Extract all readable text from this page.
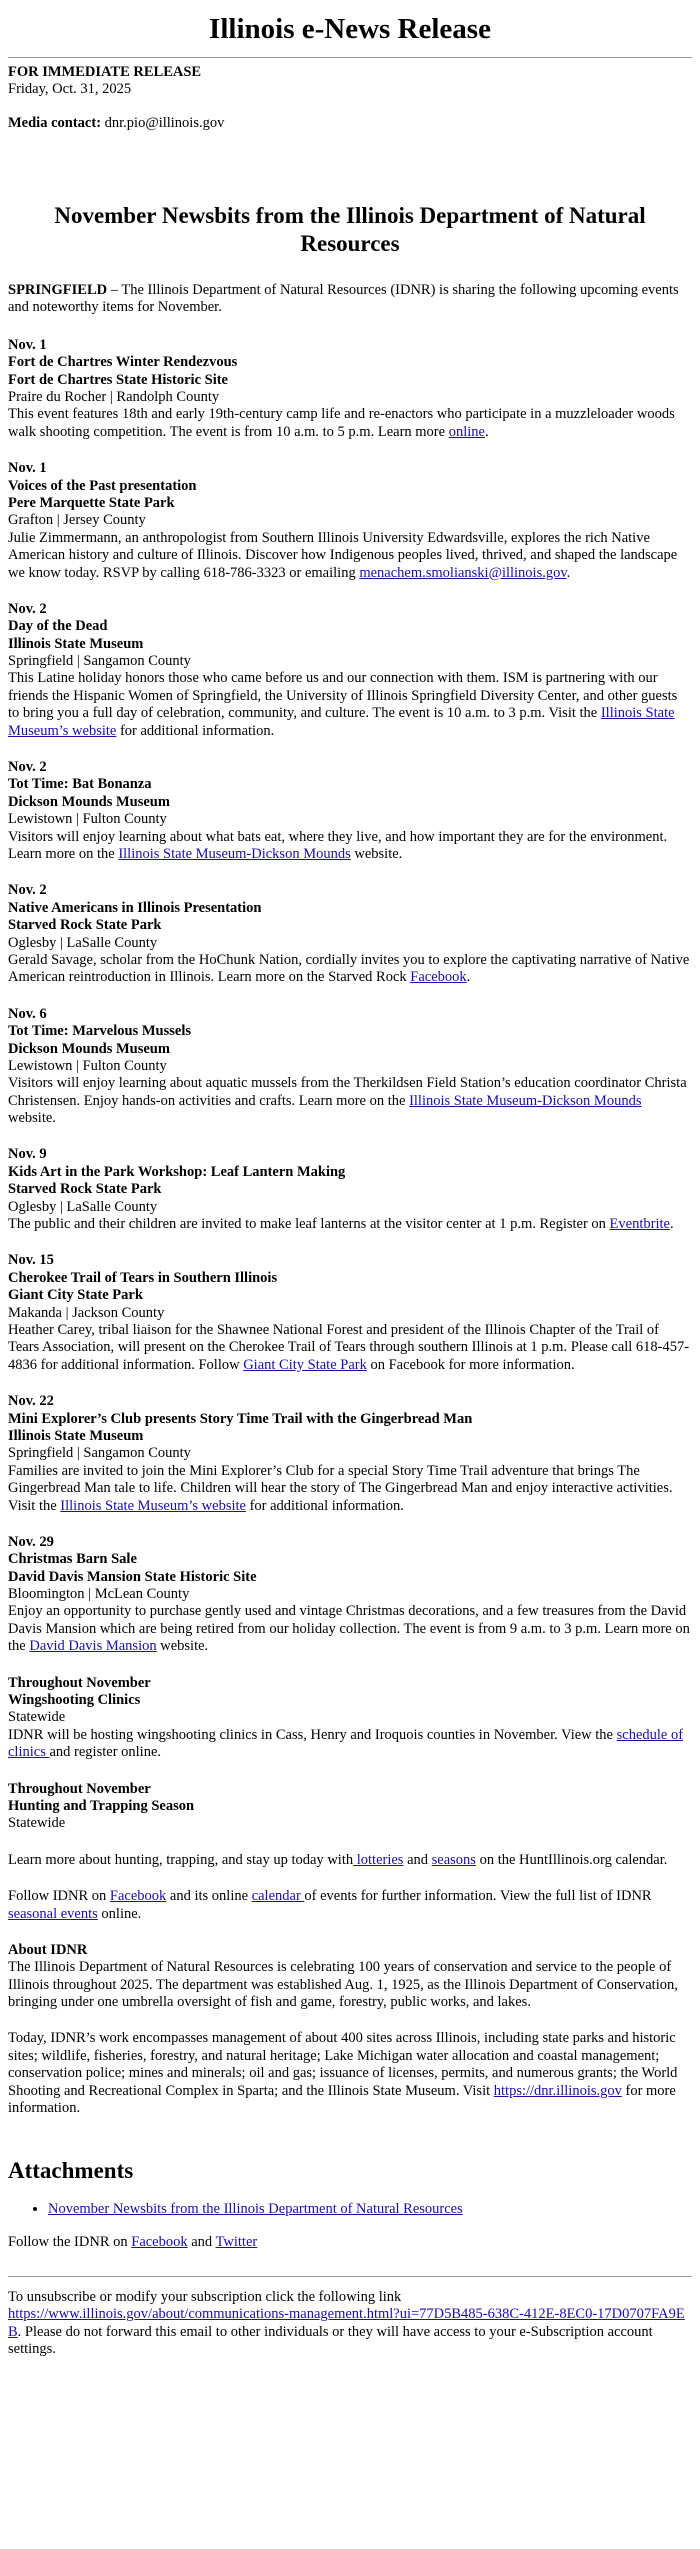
Illinois e-News Release

FOR IMMEDIATE RELEASE

Friday, Oct. 31, 2025

Media contact: dnr.pio@illinois.gov

November Newsbits from the Illinois Department of Natural Resources

SPRINGFIELD – The Illinois Department of Natural Resources (IDNR) is sharing the following upcoming events and noteworthy items for November.

Nov. 1
Fort de Chartres Winter Rendezvous
Fort de Chartres State Historic Site
Praire du Rocher | Randolph County
This event features 18th and early 19th-century camp life and re-enactors who participate in a muzzleloader woods walk shooting competition. The event is from 10 a.m. to 5 p.m. Learn more online.
Nov. 1
Voices of the Past presentation
Pere Marquette State Park
Grafton | Jersey County
Julie Zimmermann, an anthropologist from Southern Illinois University Edwardsville, explores the rich Native American history and culture of Illinois. Discover how Indigenous peoples lived, thrived, and shaped the landscape we know today. RSVP by calling 618-786-3323 or emailing menachem.smolianski@illinois.gov.
Nov. 2
Day of the Dead
Illinois State Museum
Springfield | Sangamon County
This Latine holiday honors those who came before us and our connection with them. ISM is partnering with our friends the Hispanic Women of Springfield, the University of Illinois Springfield Diversity Center, and other guests to bring you a full day of celebration, community, and culture. The event is 10 a.m. to 3 p.m. Visit the Illinois State Museum’s website for additional information.
Nov. 2
Tot Time: Bat Bonanza
Dickson Mounds Museum
Lewistown | Fulton County
Visitors will enjoy learning about what bats eat, where they live, and how important they are for the environment. Learn more on the Illinois State Museum-Dickson Mounds website.
Nov. 2
Native Americans in Illinois Presentation
Starved Rock State Park
Oglesby | LaSalle County
Gerald Savage, scholar from the HoChunk Nation, cordially invites you to explore the captivating narrative of Native American reintroduction in Illinois. Learn more on the Starved Rock Facebook.
Nov. 6
Tot Time: Marvelous Mussels
Dickson Mounds Museum
Lewistown | Fulton County
Visitors will enjoy learning about aquatic mussels from the Therkildsen Field Station’s education coordinator Christa Christensen. Enjoy hands-on activities and crafts. Learn more on the Illinois State Museum-Dickson Mounds website.
Nov. 9
Kids Art in the Park Workshop: Leaf Lantern Making
Starved Rock State Park
Oglesby | LaSalle County
The public and their children are invited to make leaf lanterns at the visitor center at 1 p.m. Register on Eventbrite.
Nov. 15
Cherokee Trail of Tears in Southern Illinois
Giant City State Park
Makanda | Jackson County
Heather Carey, tribal liaison for the Shawnee National Forest and president of the Illinois Chapter of the Trail of Tears Association, will present on the Cherokee Trail of Tears through southern Illinois at 1 p.m. Please call 618-457-4836 for additional information. Follow Giant City State Park on Facebook for more information.
Nov. 22
Mini Explorer’s Club presents Story Time Trail with the Gingerbread Man
Illinois State Museum
Springfield | Sangamon County
Families are invited to join the Mini Explorer’s Club for a special Story Time Trail adventure that brings The Gingerbread Man tale to life. Children will hear the story of The Gingerbread Man and enjoy interactive activities. Visit the Illinois State Museum’s website for additional information.
Nov. 29
Christmas Barn Sale
David Davis Mansion State Historic Site
Bloomington | McLean County
Enjoy an opportunity to purchase gently used and vintage Christmas decorations, and a few treasures from the David Davis Mansion which are being retired from our holiday collection. The event is from 9 a.m. to 3 p.m. Learn more on the David Davis Mansion website.
Throughout November
Wingshooting Clinics
Statewide
IDNR will be hosting wingshooting clinics in Cass, Henry and Iroquois counties in November. View the schedule of clinics and register online.
Throughout November
Hunting and Trapping Season
Statewide

Learn more about hunting, trapping, and stay up today with lotteries and seasons on the HuntIllinois.org calendar.

Follow IDNR on Facebook and its online calendar of events for further information. View the full list of IDNR seasonal events online.

About IDNR
The Illinois Department of Natural Resources is celebrating 100 years of conservation and service to the people of Illinois throughout 2025. The department was established Aug. 1, 1925, as the Illinois Department of Conservation, bringing under one umbrella oversight of fish and game, forestry, public works, and lakes.

Today, IDNR’s work encompasses management of about 400 sites across Illinois, including state parks and historic sites; wildlife, fisheries, forestry, and natural heritage; Lake Michigan water allocation and coastal management; conservation police; mines and minerals; oil and gas; issuance of licenses, permits, and numerous grants; the World Shooting and Recreational Complex in Sparta; and the Illinois State Museum. Visit https://dnr.illinois.gov for more information.

Attachments
• November Newsbits from the Illinois Department of Natural Resources

Follow the IDNR on Facebook and Twitter

To unsubscribe or modify your subscription click the following link
https://www.illinois.gov/about/communications-management.html?ui=77D5B485-638C-412E-8EC0-17D0707FA9EB. Please do not forward this email to other individuals or they will have access to your e-Subscription account settings.
